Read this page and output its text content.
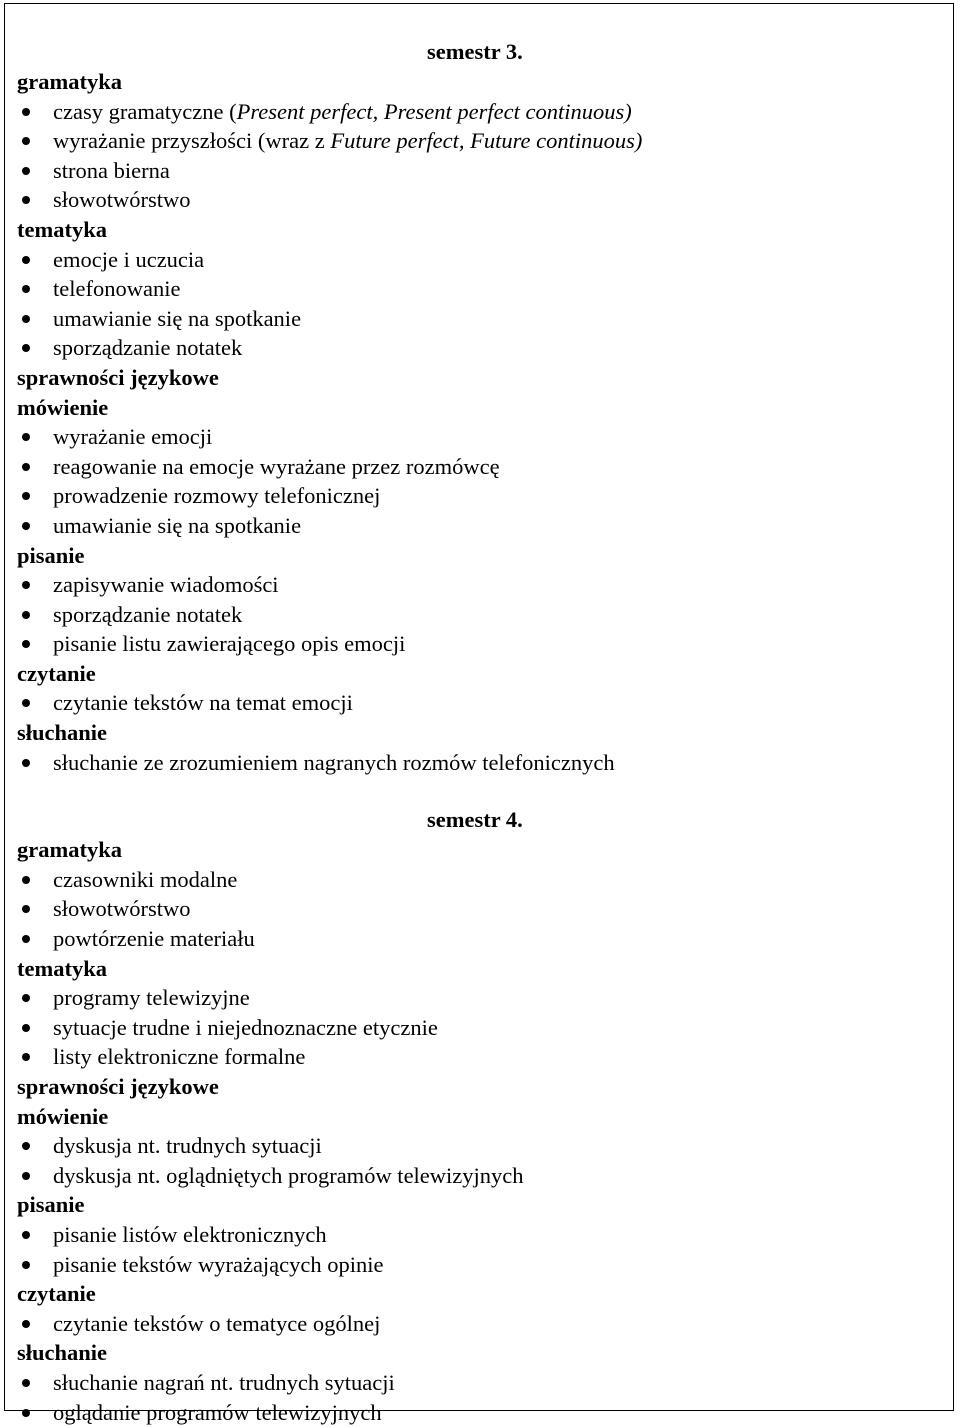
semestr 3.
gramatyka
czasy gramatyczne (Present perfect, Present perfect continuous)
wyrażanie przyszłości (wraz z Future perfect, Future continuous)
strona bierna
słowotwórstwo
tematyka
emocje i uczucia
telefonowanie
umawianie się na spotkanie
sporządzanie notatek
sprawności językowe
mówienie
wyrażanie emocji
reagowanie na emocje wyrażane przez rozmówcę
prowadzenie rozmowy telefonicznej
umawianie się na spotkanie
pisanie
zapisywanie wiadomości
sporządzanie notatek
pisanie listu zawierającego opis emocji
czytanie
czytanie tekstów na temat emocji
słuchanie
słuchanie ze zrozumieniem nagranych rozmów telefonicznych
semestr 4.
gramatyka
czasowniki modalne
słowotwórstwo
powtórzenie materiału
tematyka
programy telewizyjne
sytuacje trudne i niejednoznaczne etycznie
listy elektroniczne formalne
sprawności językowe
mówienie
dyskusja nt. trudnych sytuacji
dyskusja nt. oglądniętych programów telewizyjnych
pisanie
pisanie listów elektronicznych
pisanie tekstów wyrażających opinie
czytanie
czytanie tekstów o tematyce ogólnej
słuchanie
słuchanie nagrań nt. trudnych sytuacji
oglądanie programów telewizyjnych
